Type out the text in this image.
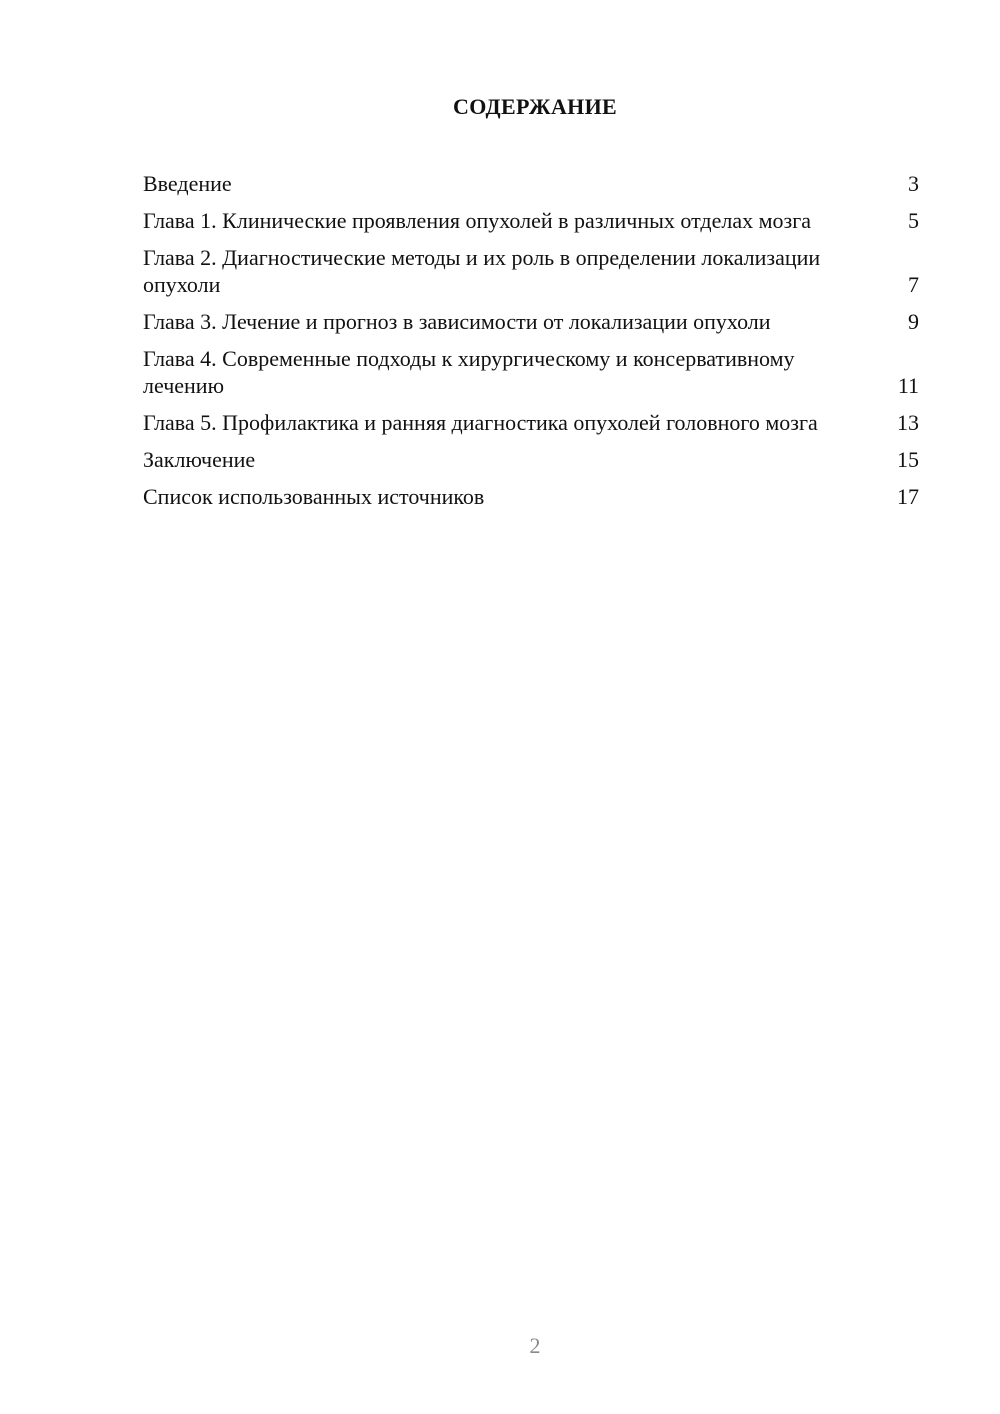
СОДЕРЖАНИЕ
Введение	3
Глава 1. Клинические проявления опухолей в различных отделах мозга	5
Глава 2. Диагностические методы и их роль в определении локализации опухоли	7
Глава 3. Лечение и прогноз в зависимости от локализации опухоли	9
Глава 4. Современные подходы к хирургическому и консервативному лечению	11
Глава 5. Профилактика и ранняя диагностика опухолей головного мозга	13
Заключение	15
Список использованных источников	17
2
